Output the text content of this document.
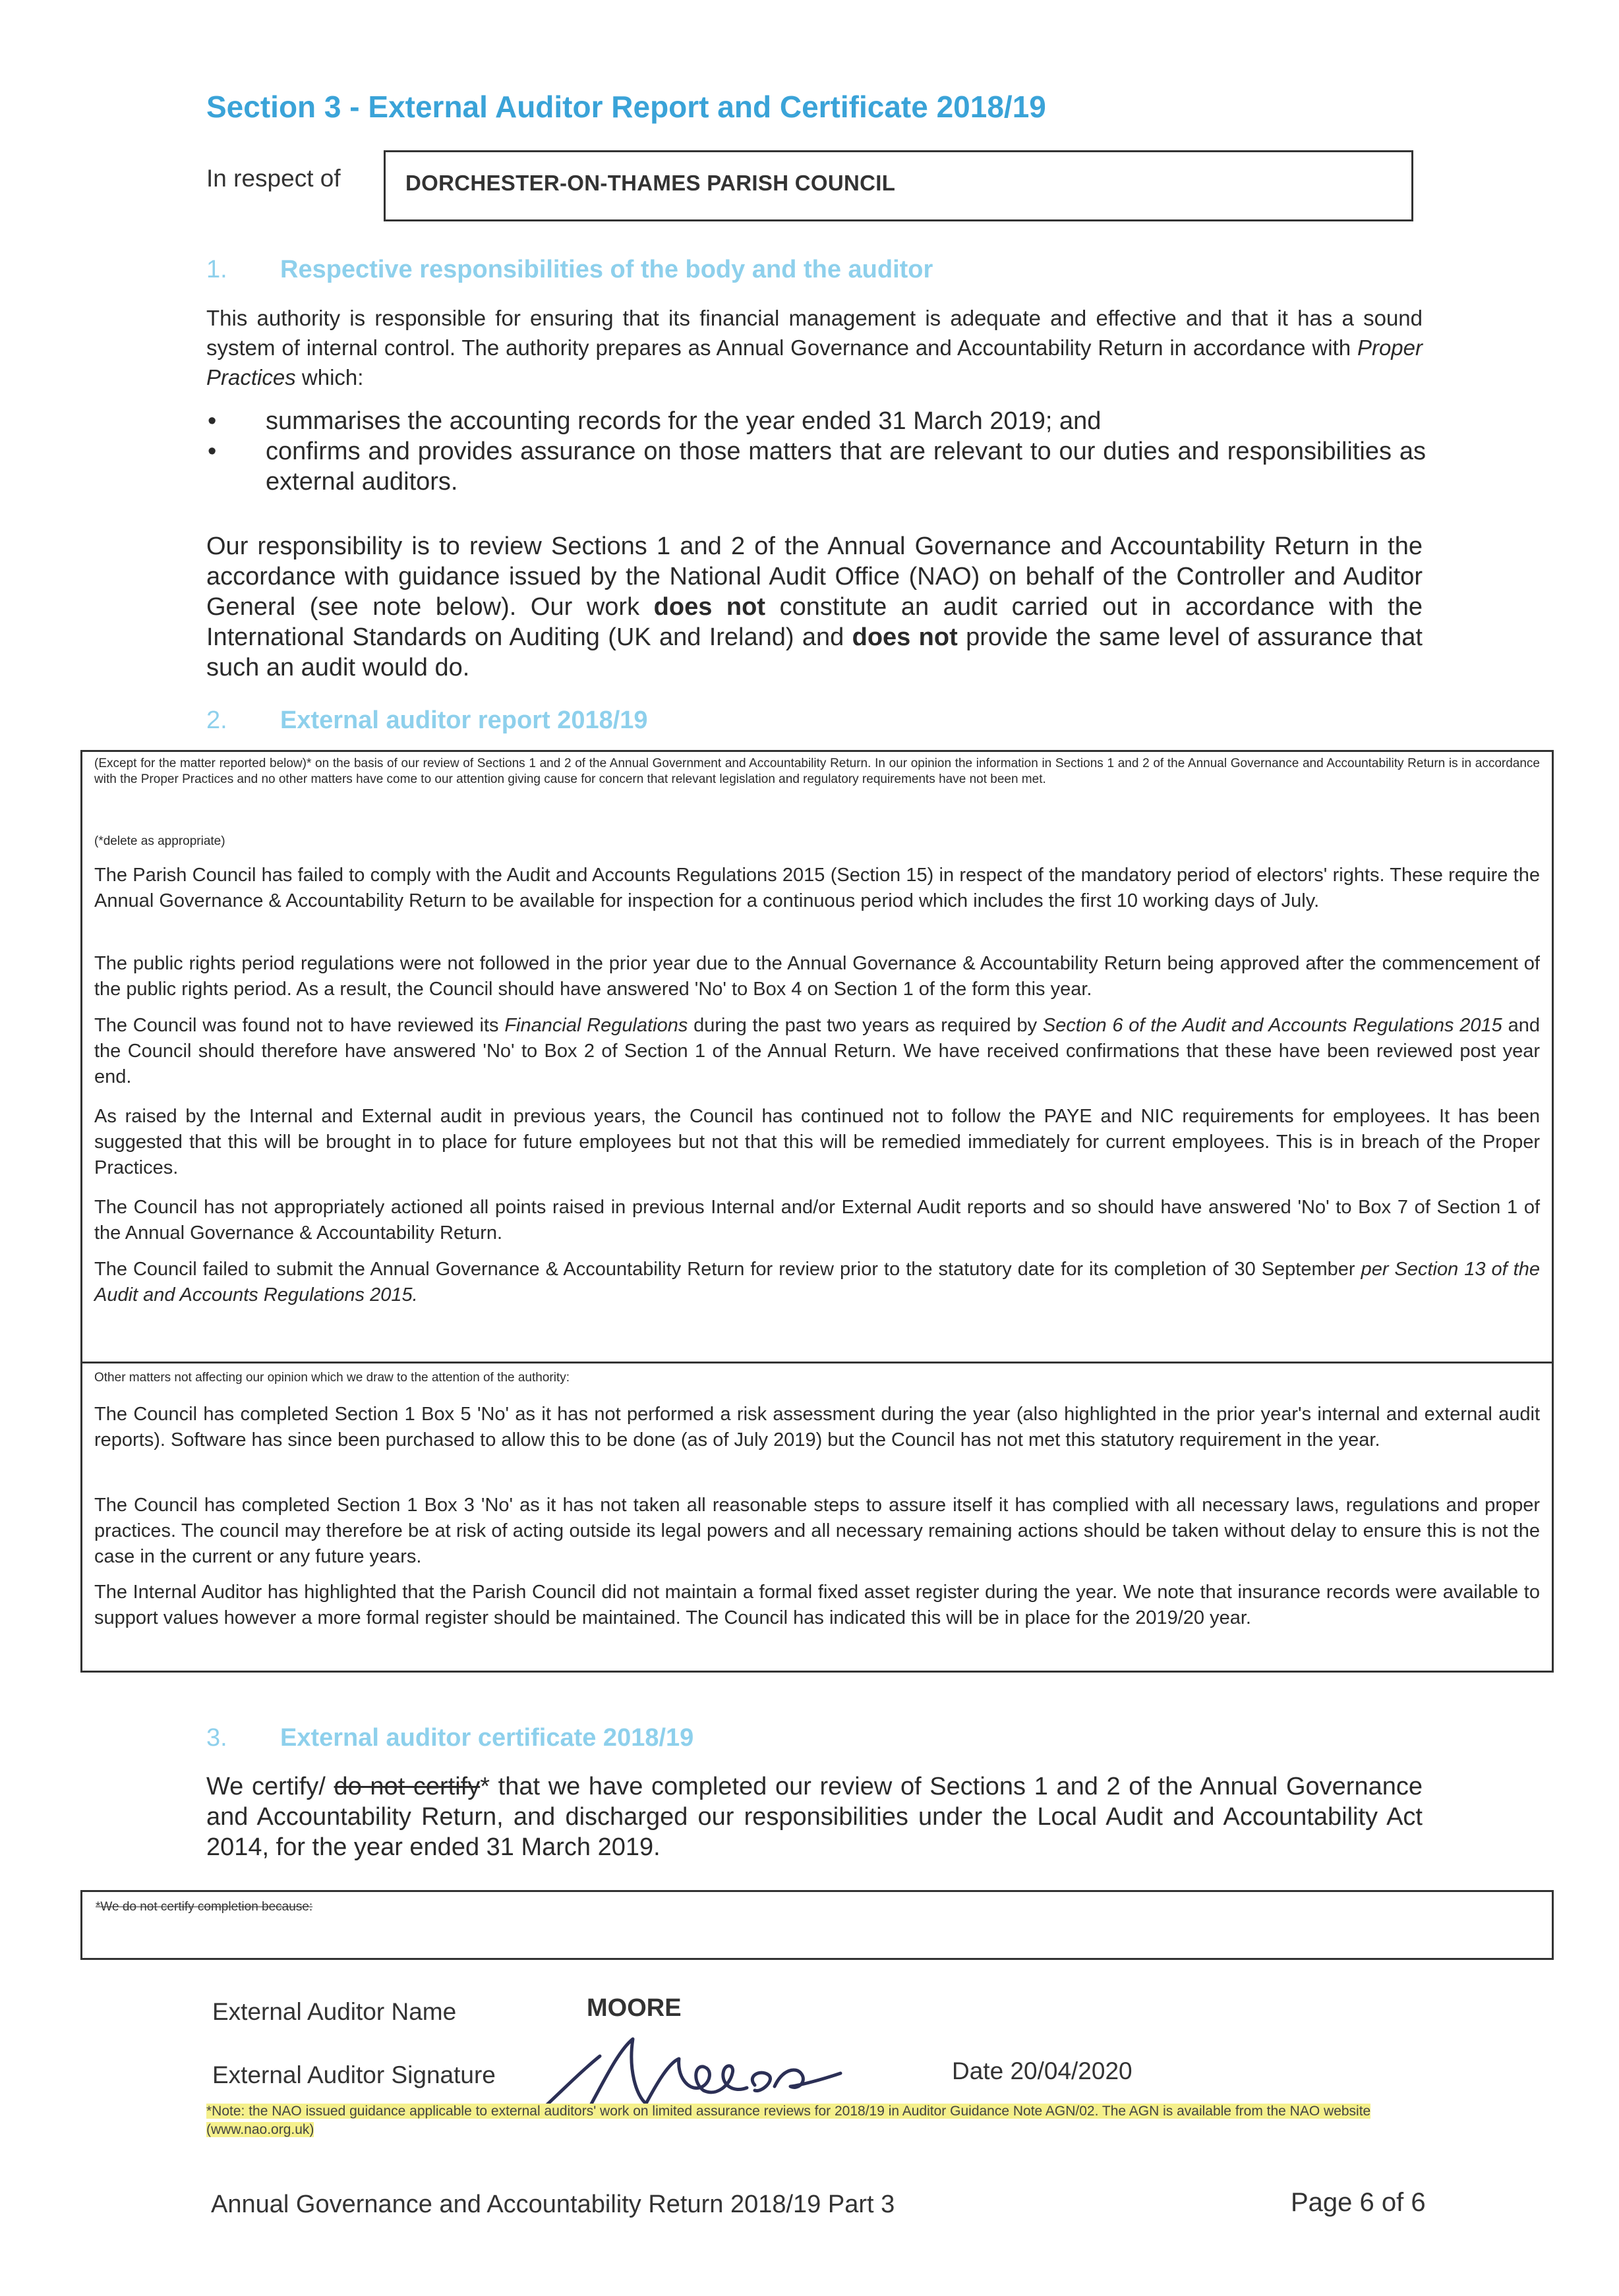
Section 3 - External Auditor Report and Certificate 2018/19
In respect of	DORCHESTER-ON-THAMES PARISH COUNCIL
1. Respective responsibilities of the body and the auditor

This authority is responsible for ensuring that its financial management is adequate and effective and that it has a sound system of internal control. The authority prepares as Annual Governance and Accountability Return in accordance with Proper Practices which:

• summarises the accounting records for the year ended 31 March 2019; and
• confirms and provides assurance on those matters that are relevant to our duties and responsibilities as external auditors.

Our responsibility is to review Sections 1 and 2 of the Annual Governance and Accountability Return in the accordance with guidance issued by the National Audit Office (NAO) on behalf of the Controller and Auditor General (see note below). Our work does not constitute an audit carried out in accordance with the International Standards on Auditing (UK and Ireland) and does not provide the same level of assurance that such an audit would do.

2. External auditor report 2018/19

(Except for the matter reported below)* on the basis of our review of Sections 1 and 2 of the Annual Government and Accountability Return. In our opinion the information in Sections 1 and 2 of the Annual Governance and Accountability Return is in accordance with the Proper Practices and no other matters have come to our attention giving cause for concern that relevant legislation and regulatory requirements have not been met.

(*delete as appropriate)

The Parish Council has failed to comply with the Audit and Accounts Regulations 2015 (Section 15) in respect of the mandatory period of electors' rights. These require the Annual Governance & Accountability Return to be available for inspection for a continuous period which includes the first 10 working days of July.

The public rights period regulations were not followed in the prior year due to the Annual Governance & Accountability Return being approved after the commencement of the public rights period. As a result, the Council should have answered 'No' to Box 4 on Section 1 of the form this year.

The Council was found not to have reviewed its Financial Regulations during the past two years as required by Section 6 of the Audit and Accounts Regulations 2015 and the Council should therefore have answered 'No' to Box 2 of Section 1 of the Annual Return. We have received confirmations that these have been reviewed post year end.

As raised by the Internal and External audit in previous years, the Council has continued not to follow the PAYE and NIC requirements for employees. It has been suggested that this will be brought in to place for future employees but not that this will be remedied immediately for current employees. This is in breach of the Proper Practices.

The Council has not appropriately actioned all points raised in previous Internal and/or External Audit reports and so should have answered 'No' to Box 7 of Section 1 of the Annual Governance & Accountability Return.

The Council failed to submit the Annual Governance & Accountability Return for review prior to the statutory date for its completion of 30 September per Section 13 of the Audit and Accounts Regulations 2015.

Other matters not affecting our opinion which we draw to the attention of the authority:

The Council has completed Section 1 Box 5 'No' as it has not performed a risk assessment during the year (also highlighted in the prior year's internal and external audit reports). Software has since been purchased to allow this to be done (as of July 2019) but the Council has not met this statutory requirement in the year.

The Council has completed Section 1 Box 3 'No' as it has not taken all reasonable steps to assure itself it has complied with all necessary laws, regulations and proper practices. The council may therefore be at risk of acting outside its legal powers and all necessary remaining actions should be taken without delay to ensure this is not the case in the current or any future years.

The Internal Auditor has highlighted that the Parish Council did not maintain a formal fixed asset register during the year. We note that insurance records were available to support values however a more formal register should be maintained. The Council has indicated this will be in place for the 2019/20 year.

3. External auditor certificate 2018/19

We certify/ do not certify* that we have completed our review of Sections 1 and 2 of the Annual Governance and Accountability Return, and discharged our responsibilities under the Local Audit and Accountability Act 2014, for the year ended 31 March 2019.

*We do not certify completion because:
External Auditor Name	MOORE
External Auditor Signature	Date 20/04/2020
*Note: the NAO issued guidance applicable to external auditors' work on limited assurance reviews for 2018/19 in Auditor Guidance Note AGN/02. The AGN is available from the NAO website (www.nao.org.uk)
Annual Governance and Accountability Return 2018/19 Part 3	Page 6 of 6
